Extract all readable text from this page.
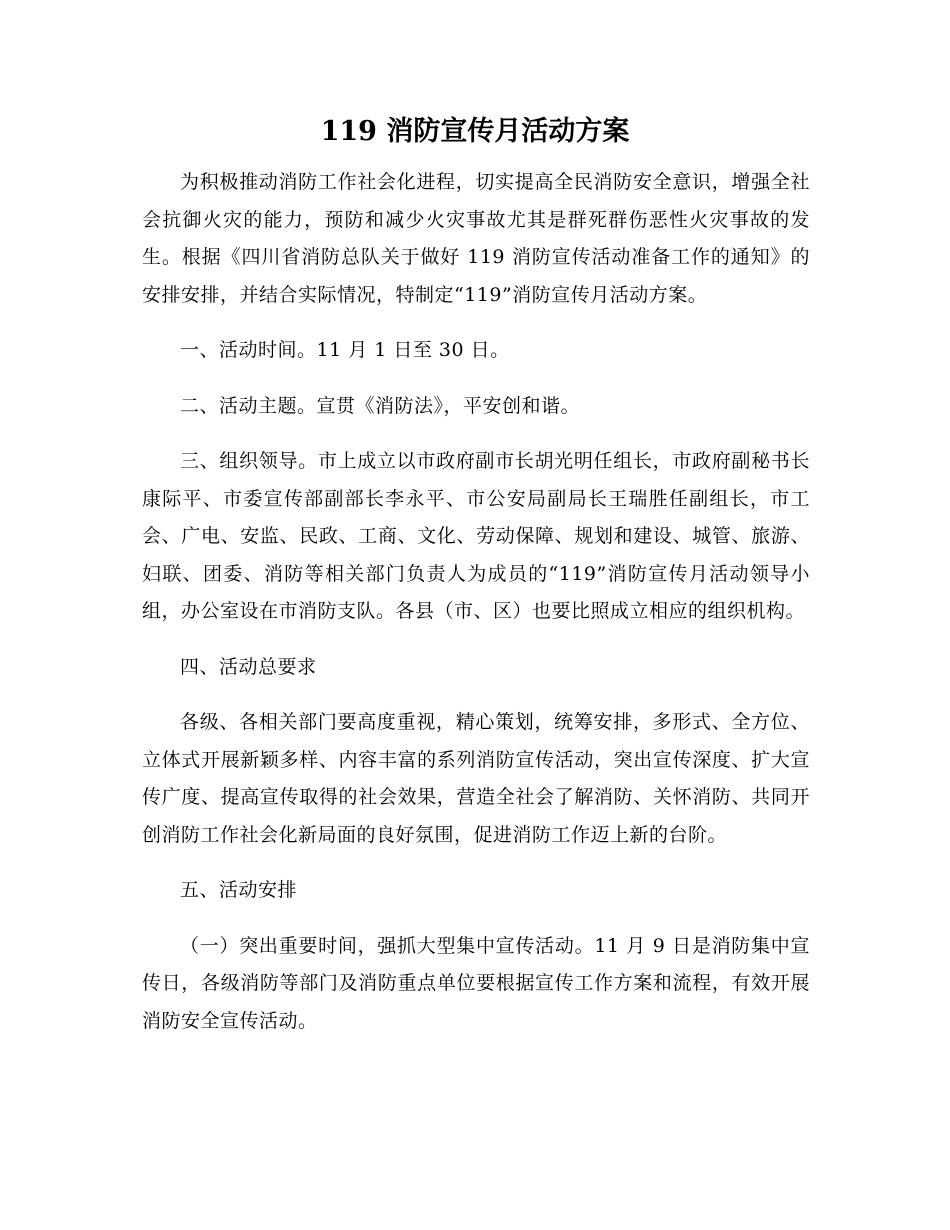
119 消防宣传月活动方案

为积极推动消防工作社会化进程，切实提高全民消防安全意识，增强全社会抗御火灾的能力，预防和减少火灾事故尤其是群死群伤恶性火灾事故的发生。根据《四川省消防总队关于做好 119 消防宣传活动准备工作的通知》的安排安排，并结合实际情况，特制定“119”消防宣传月活动方案。

一、活动时间。11 月 1 日至 30 日。

二、活动主题。宣贯《消防法》，平安创和谐。

三、组织领导。市上成立以市政府副市长胡光明任组长，市政府副秘书长康际平、市委宣传部副部长李永平、市公安局副局长王瑞胜任副组长，市工会、广电、安监、民政、工商、文化、劳动保障、规划和建设、城管、旅游、妇联、团委、消防等相关部门负责人为成员的“119”消防宣传月活动领导小组，办公室设在市消防支队。各县（市、区）也要比照成立相应的组织机构。

四、活动总要求

各级、各相关部门要高度重视，精心策划，统筹安排，多形式、全方位、立体式开展新颖多样、内容丰富的系列消防宣传活动，突出宣传深度、扩大宣传广度、提高宣传取得的社会效果，营造全社会了解消防、关怀消防、共同开创消防工作社会化新局面的良好氛围，促进消防工作迈上新的台阶。

五、活动安排

（一）突出重要时间，强抓大型集中宣传活动。11 月 9 日是消防集中宣传日，各级消防等部门及消防重点单位要根据宣传工作方案和流程，有效开展消防安全宣传活动。
